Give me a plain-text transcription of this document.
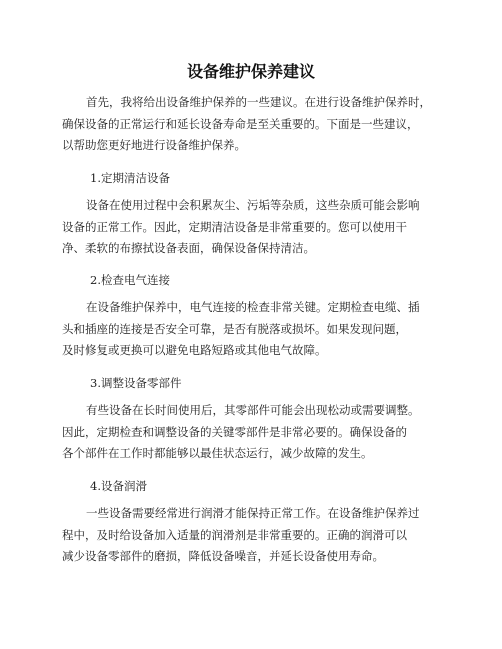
设备维护保养建议

首先，我将给出设备维护保养的一些建议。在进行设备维护保养时，
确保设备的正常运行和延长设备寿命是至关重要的。下面是一些建议，
以帮助您更好地进行设备维护保养。

1.定期清洁设备

设备在使用过程中会积累灰尘、污垢等杂质，这些杂质可能会影响
设备的正常工作。因此，定期清洁设备是非常重要的。您可以使用干
净、柔软的布擦拭设备表面，确保设备保持清洁。

2.检查电气连接

在设备维护保养中，电气连接的检查非常关键。定期检查电缆、插
头和插座的连接是否安全可靠，是否有脱落或损坏。如果发现问题，
及时修复或更换可以避免电路短路或其他电气故障。

3.调整设备零部件

有些设备在长时间使用后，其零部件可能会出现松动或需要调整。
因此，定期检查和调整设备的关键零部件是非常必要的。确保设备的
各个部件在工作时都能够以最佳状态运行，减少故障的发生。

4.设备润滑

一些设备需要经常进行润滑才能保持正常工作。在设备维护保养过
程中，及时给设备加入适量的润滑剂是非常重要的。正确的润滑可以
减少设备零部件的磨损，降低设备噪音，并延长设备使用寿命。
